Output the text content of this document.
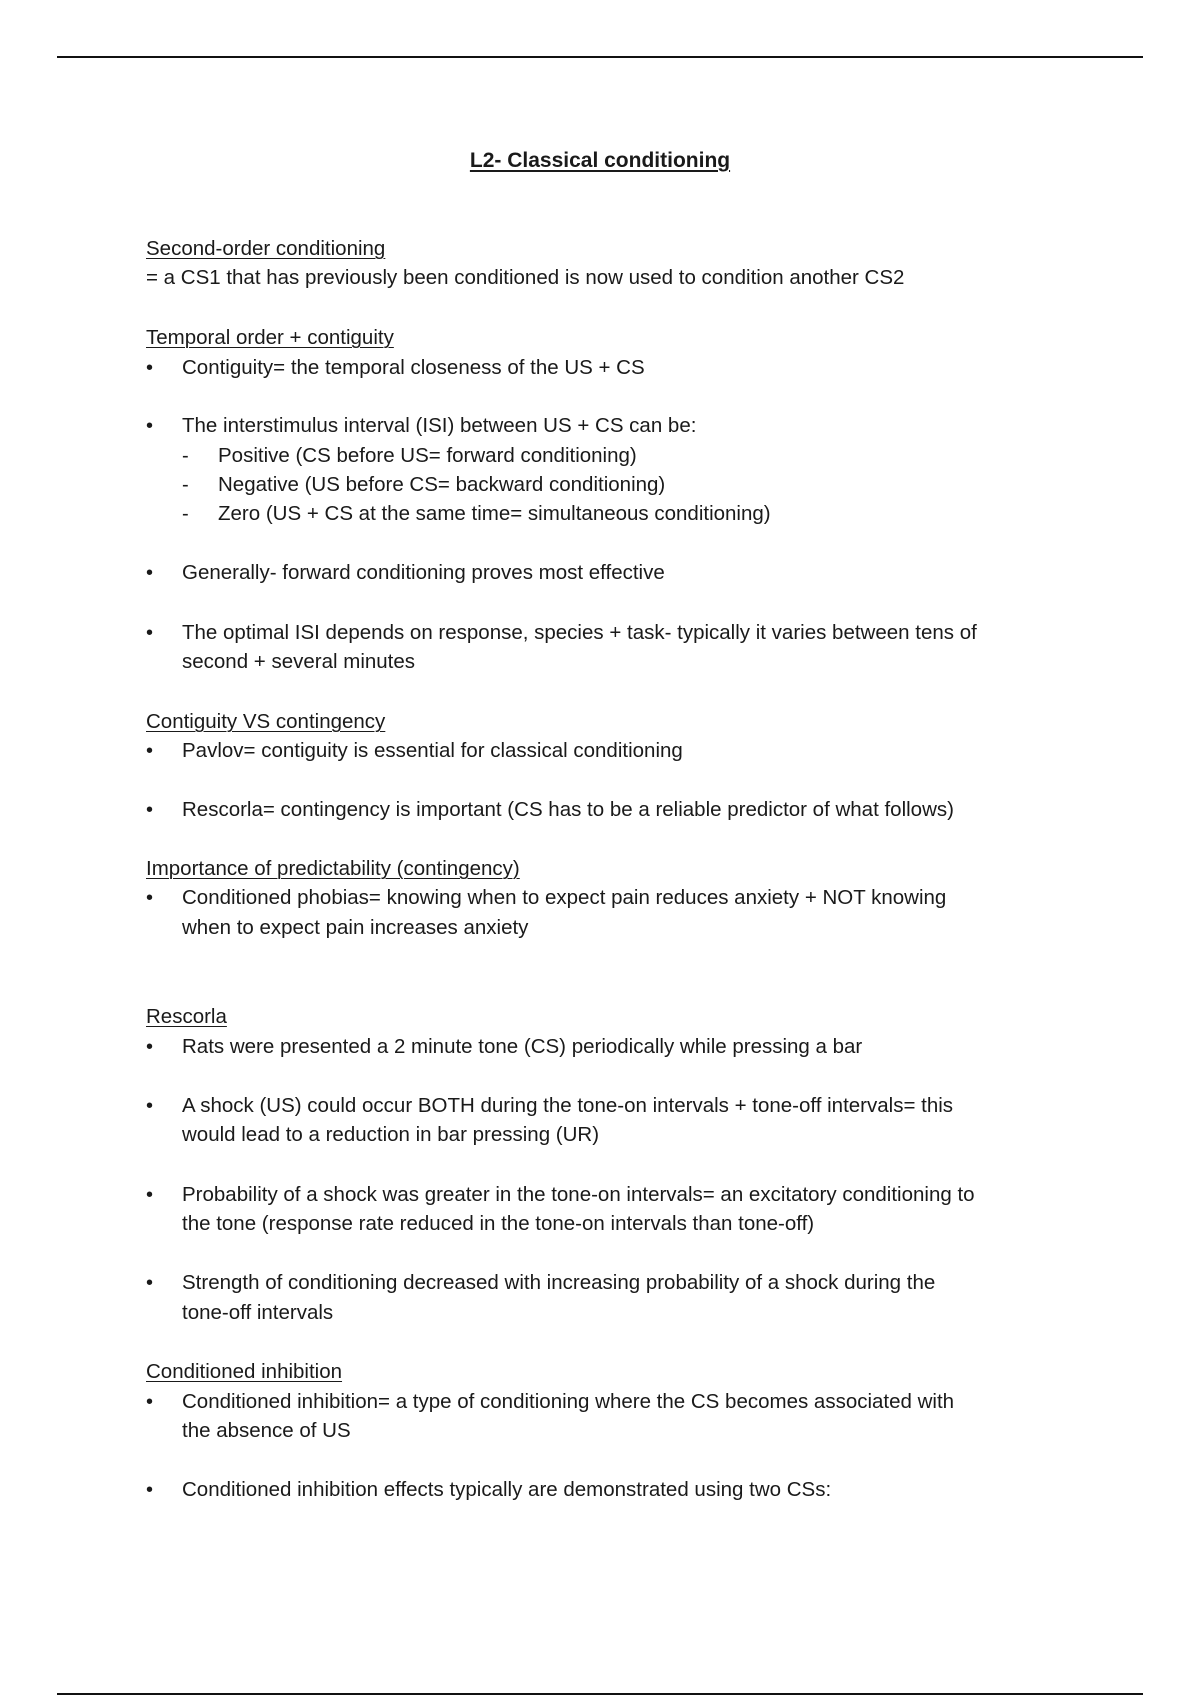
L2- Classical conditioning
Second-order conditioning
= a CS1 that has previously been conditioned is now used to condition another CS2
Temporal order + contiguity
• Contiguity= the temporal closeness of the US + CS
• The interstimulus interval (ISI) between US + CS can be:
- Positive (CS before US= forward conditioning)
- Negative (US before CS= backward conditioning)
- Zero (US + CS at the same time= simultaneous conditioning)
• Generally- forward conditioning proves most effective
• The optimal ISI depends on response, species + task- typically it varies between tens of
second + several minutes
Contiguity VS contingency
• Pavlov= contiguity is essential for classical conditioning
• Rescorla= contingency is important (CS has to be a reliable predictor of what follows)
Importance of predictability (contingency)
• Conditioned phobias= knowing when to expect pain reduces anxiety + NOT knowing
when to expect pain increases anxiety
Rescorla
• Rats were presented a 2 minute tone (CS) periodically while pressing a bar
• A shock (US) could occur BOTH during the tone-on intervals + tone-off intervals= this
would lead to a reduction in bar pressing (UR)
• Probability of a shock was greater in the tone-on intervals= an excitatory conditioning to
the tone (response rate reduced in the tone-on intervals than tone-off)
• Strength of conditioning decreased with increasing probability of a shock during the
tone-off intervals
Conditioned inhibition
• Conditioned inhibition= a type of conditioning where the CS becomes associated with
the absence of US
• Conditioned inhibition effects typically are demonstrated using two CSs:
